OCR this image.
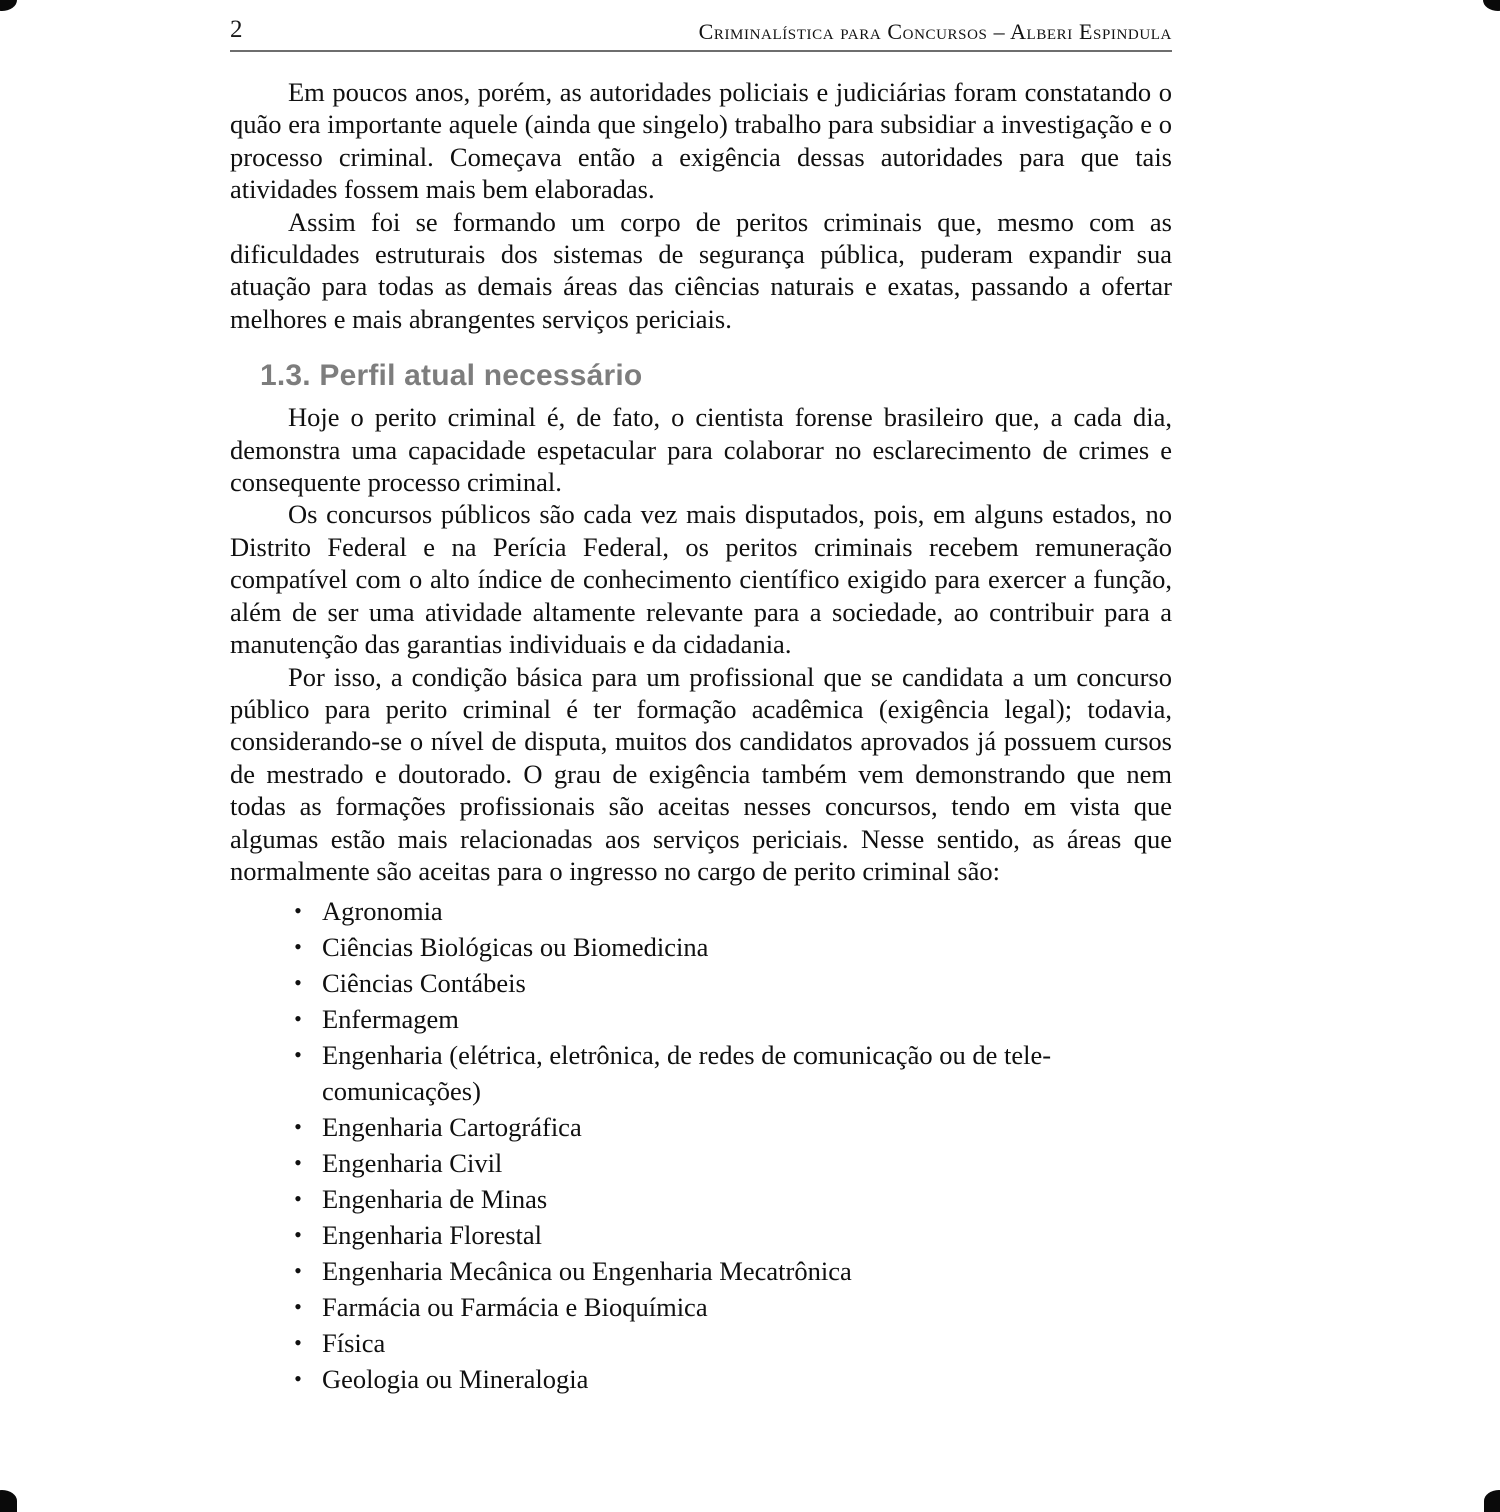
2	Criminalística para Concursos – Alberi Espindula

Em poucos anos, porém, as autoridades policiais e judiciárias foram constatando o quão era importante aquele (ainda que singelo) trabalho para subsidiar a investigação e o processo criminal. Começava então a exigência dessas autoridades para que tais atividades fossem mais bem elaboradas.

Assim foi se formando um corpo de peritos criminais que, mesmo com as dificuldades estruturais dos sistemas de segurança pública, puderam expandir sua atuação para todas as demais áreas das ciências naturais e exatas, passando a ofertar melhores e mais abrangentes serviços periciais.

1.3. Perfil atual necessário

Hoje o perito criminal é, de fato, o cientista forense brasileiro que, a cada dia, demonstra uma capacidade espetacular para colaborar no esclarecimento de crimes e consequente processo criminal.

Os concursos públicos são cada vez mais disputados, pois, em alguns estados, no Distrito Federal e na Perícia Federal, os peritos criminais recebem remuneração compatível com o alto índice de conhecimento científico exigido para exercer a função, além de ser uma atividade altamente relevante para a sociedade, ao contribuir para a manutenção das garantias individuais e da cidadania.

Por isso, a condição básica para um profissional que se candidata a um concurso público para perito criminal é ter formação acadêmica (exigência legal); todavia, considerando-se o nível de disputa, muitos dos candidatos aprovados já possuem cursos de mestrado e doutorado. O grau de exigência também vem demonstrando que nem todas as formações profissionais são aceitas nesses concursos, tendo em vista que algumas estão mais relacionadas aos serviços periciais. Nesse sentido, as áreas que normalmente são aceitas para o ingresso no cargo de perito criminal são:

• Agronomia
• Ciências Biológicas ou Biomedicina
• Ciências Contábeis
• Enfermagem
• Engenharia (elétrica, eletrônica, de redes de comunicação ou de tele-
comunicações)
• Engenharia Cartográfica
• Engenharia Civil
• Engenharia de Minas
• Engenharia Florestal
• Engenharia Mecânica ou Engenharia Mecatrônica
• Farmácia ou Farmácia e Bioquímica
• Física
• Geologia ou Mineralogia
